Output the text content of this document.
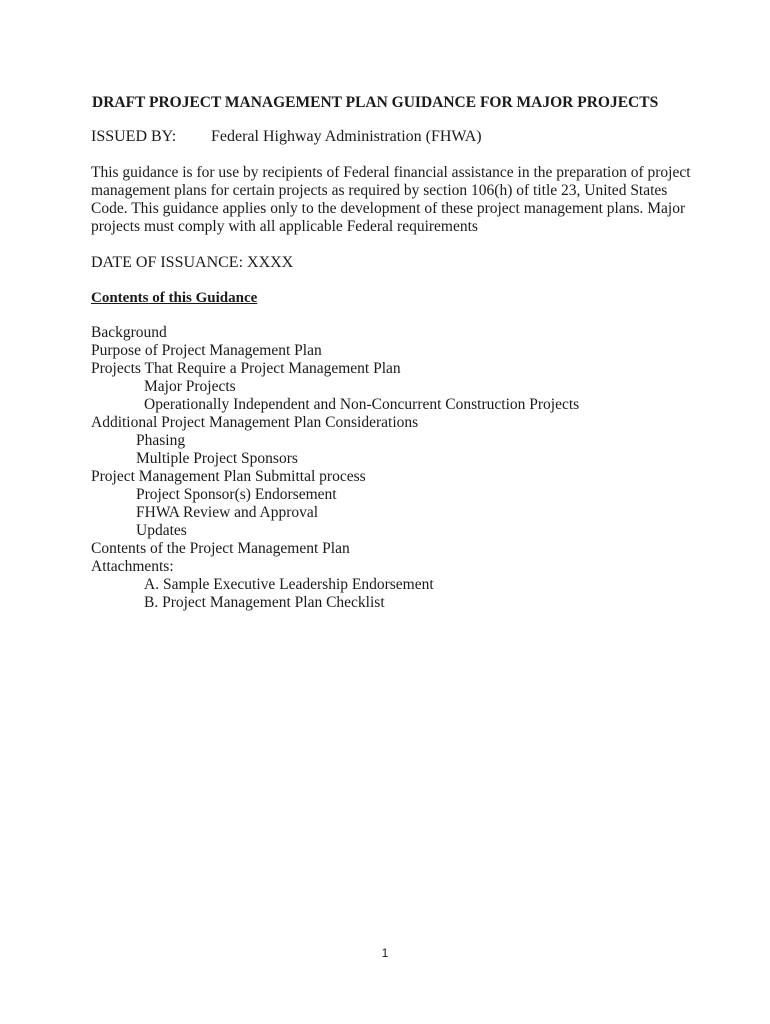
DRAFT PROJECT MANAGEMENT PLAN GUIDANCE FOR MAJOR PROJECTS
ISSUED BY: Federal Highway Administration (FHWA)
This guidance is for use by recipients of Federal financial assistance in the preparation of project
management plans for certain projects as required by section 106(h) of title 23, United States
Code. This guidance applies only to the development of these project management plans. Major
projects must comply with all applicable Federal requirements
DATE OF ISSUANCE: XXXX
Contents of this Guidance
Background
Purpose of Project Management Plan
Projects That Require a Project Management Plan
Major Projects
Operationally Independent and Non-Concurrent Construction Projects
Additional Project Management Plan Considerations
Phasing
Multiple Project Sponsors
Project Management Plan Submittal process
Project Sponsor(s) Endorsement
FHWA Review and Approval
Updates
Contents of the Project Management Plan
Attachments:
A. Sample Executive Leadership Endorsement
B. Project Management Plan Checklist
1
